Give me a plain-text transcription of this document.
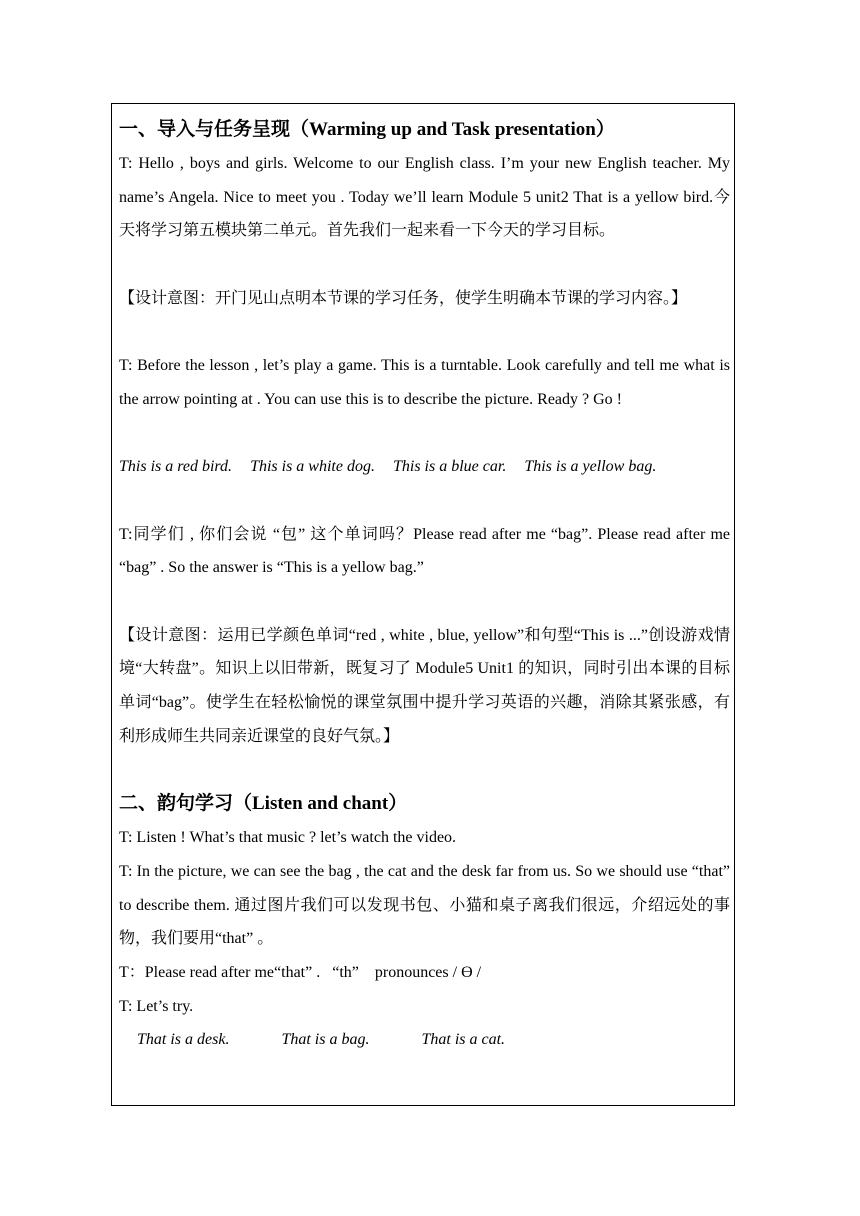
一、导入与任务呈现（Warming up and Task presentation）

T: Hello , boys and girls. Welcome to our English class. I’m your new English teacher. My name’s Angela. Nice to meet you . Today we’ll learn Module 5 unit2 That is a yellow bird.今天将学习第五模块第二单元。首先我们一起来看一下今天的学习目标。

【设计意图：开门见山点明本节课的学习任务，使学生明确本节课的学习内容。】

T: Before the lesson , let’s play a game. This is a turntable. Look carefully and tell me what is the arrow pointing at . You can use this is to describe the picture. Ready ? Go !

This is a red bird. This is a white dog. This is a blue car. This is a yellow bag.

T:同学们 , 你们会说 “包” 这个单词吗？Please read after me “bag”. Please read after me “bag” . So the answer is “This is a yellow bag.”

【设计意图：运用已学颜色单词“red , white , blue, yellow”和句型“This is ...”创设游戏情境“大转盘”。知识上以旧带新，既复习了 Module5 Unit1 的知识，同时引出本课的目标单词“bag”。使学生在轻松愉悦的课堂氛围中提升学习英语的兴趣，消除其紧张感，有利形成师生共同亲近课堂的良好气氛。】

二、韵句学习（Listen and chant）

T: Listen ! What’s that music ? let’s watch the video.

T: In the picture, we can see the bag , the cat and the desk far from us. So we should use “that” to describe them. 通过图片我们可以发现书包、小猫和桌子离我们很远，介绍远处的事物，我们要用“that” 。

T：Please read after me“that” .   “th”    pronounces / Ɵ /

T: Let’s try.

That is a desk.	That is a bag.	That is a cat.
